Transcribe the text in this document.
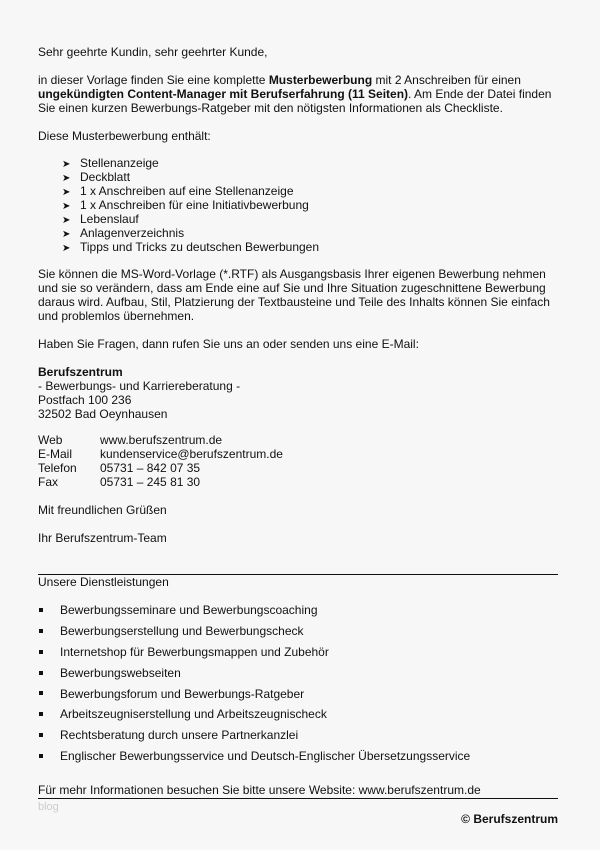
Sehr geehrte Kundin, sehr geehrter Kunde,
in dieser Vorlage finden Sie eine komplette Musterbewerbung mit 2 Anschreiben für einen
ungekündigten Content-Manager mit Berufserfahrung (11 Seiten). Am Ende der Datei finden
Sie einen kurzen Bewerbungs-Ratgeber mit den nötigsten Informationen als Checkliste.
Diese Musterbewerbung enthält:
➤ Stellenanzeige
➤ Deckblatt
➤ 1 x Anschreiben auf eine Stellenanzeige
➤ 1 x Anschreiben für eine Initiativbewerbung
➤ Lebenslauf
➤ Anlagenverzeichnis
➤ Tipps und Tricks zu deutschen Bewerbungen
Sie können die MS-Word-Vorlage (*.RTF) als Ausgangsbasis Ihrer eigenen Bewerbung nehmen
und sie so verändern, dass am Ende eine auf Sie und Ihre Situation zugeschnittene Bewerbung
daraus wird. Aufbau, Stil, Platzierung der Textbausteine und Teile des Inhalts können Sie einfach
und problemlos übernehmen.
Haben Sie Fragen, dann rufen Sie uns an oder senden uns eine E-Mail:
Berufszentrum
- Bewerbungs- und Karriereberatung -
Postfach 100 236
32502 Bad Oeynhausen
Web	www.berufszentrum.de
E-Mail kundenservice@berufszentrum.de
Telefon 05731 – 842 07 35
Fax	05731 – 245 81 30
Mit freundlichen Grüßen
Ihr Berufszentrum-Team
Unsere Dienstleistungen
Bewerbungsseminare und Bewerbungscoaching
Bewerbungserstellung und Bewerbungscheck
Internetshop für Bewerbungsmappen und Zubehör
Bewerbungswebseiten
Bewerbungsforum und Bewerbungs-Ratgeber
Arbeitszeugniserstellung und Arbeitszeugnischeck
Rechtsberatung durch unsere Partnerkanzlei
Englischer Bewerbungsservice und Deutsch-Englischer Übersetzungsservice
Für mehr Informationen besuchen Sie bitte unsere Website: www.berufszentrum.de
blog
© Berufszentrum
